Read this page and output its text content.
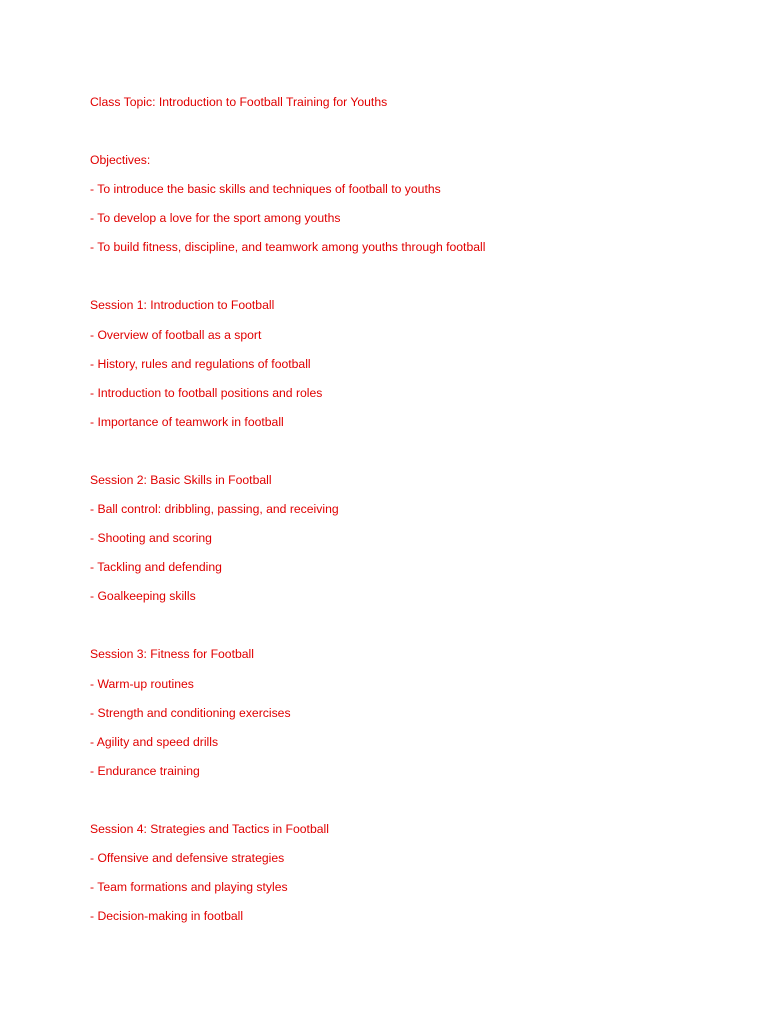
Class Topic: Introduction to Football Training for Youths
Objectives:
- To introduce the basic skills and techniques of football to youths
- To develop a love for the sport among youths
- To build fitness, discipline, and teamwork among youths through football
Session 1: Introduction to Football
- Overview of football as a sport
- History, rules and regulations of football
- Introduction to football positions and roles
- Importance of teamwork in football
Session 2: Basic Skills in Football
- Ball control: dribbling, passing, and receiving
- Shooting and scoring
- Tackling and defending
- Goalkeeping skills
Session 3: Fitness for Football
- Warm-up routines
- Strength and conditioning exercises
- Agility and speed drills
- Endurance training
Session 4: Strategies and Tactics in Football
- Offensive and defensive strategies
- Team formations and playing styles
- Decision-making in football
